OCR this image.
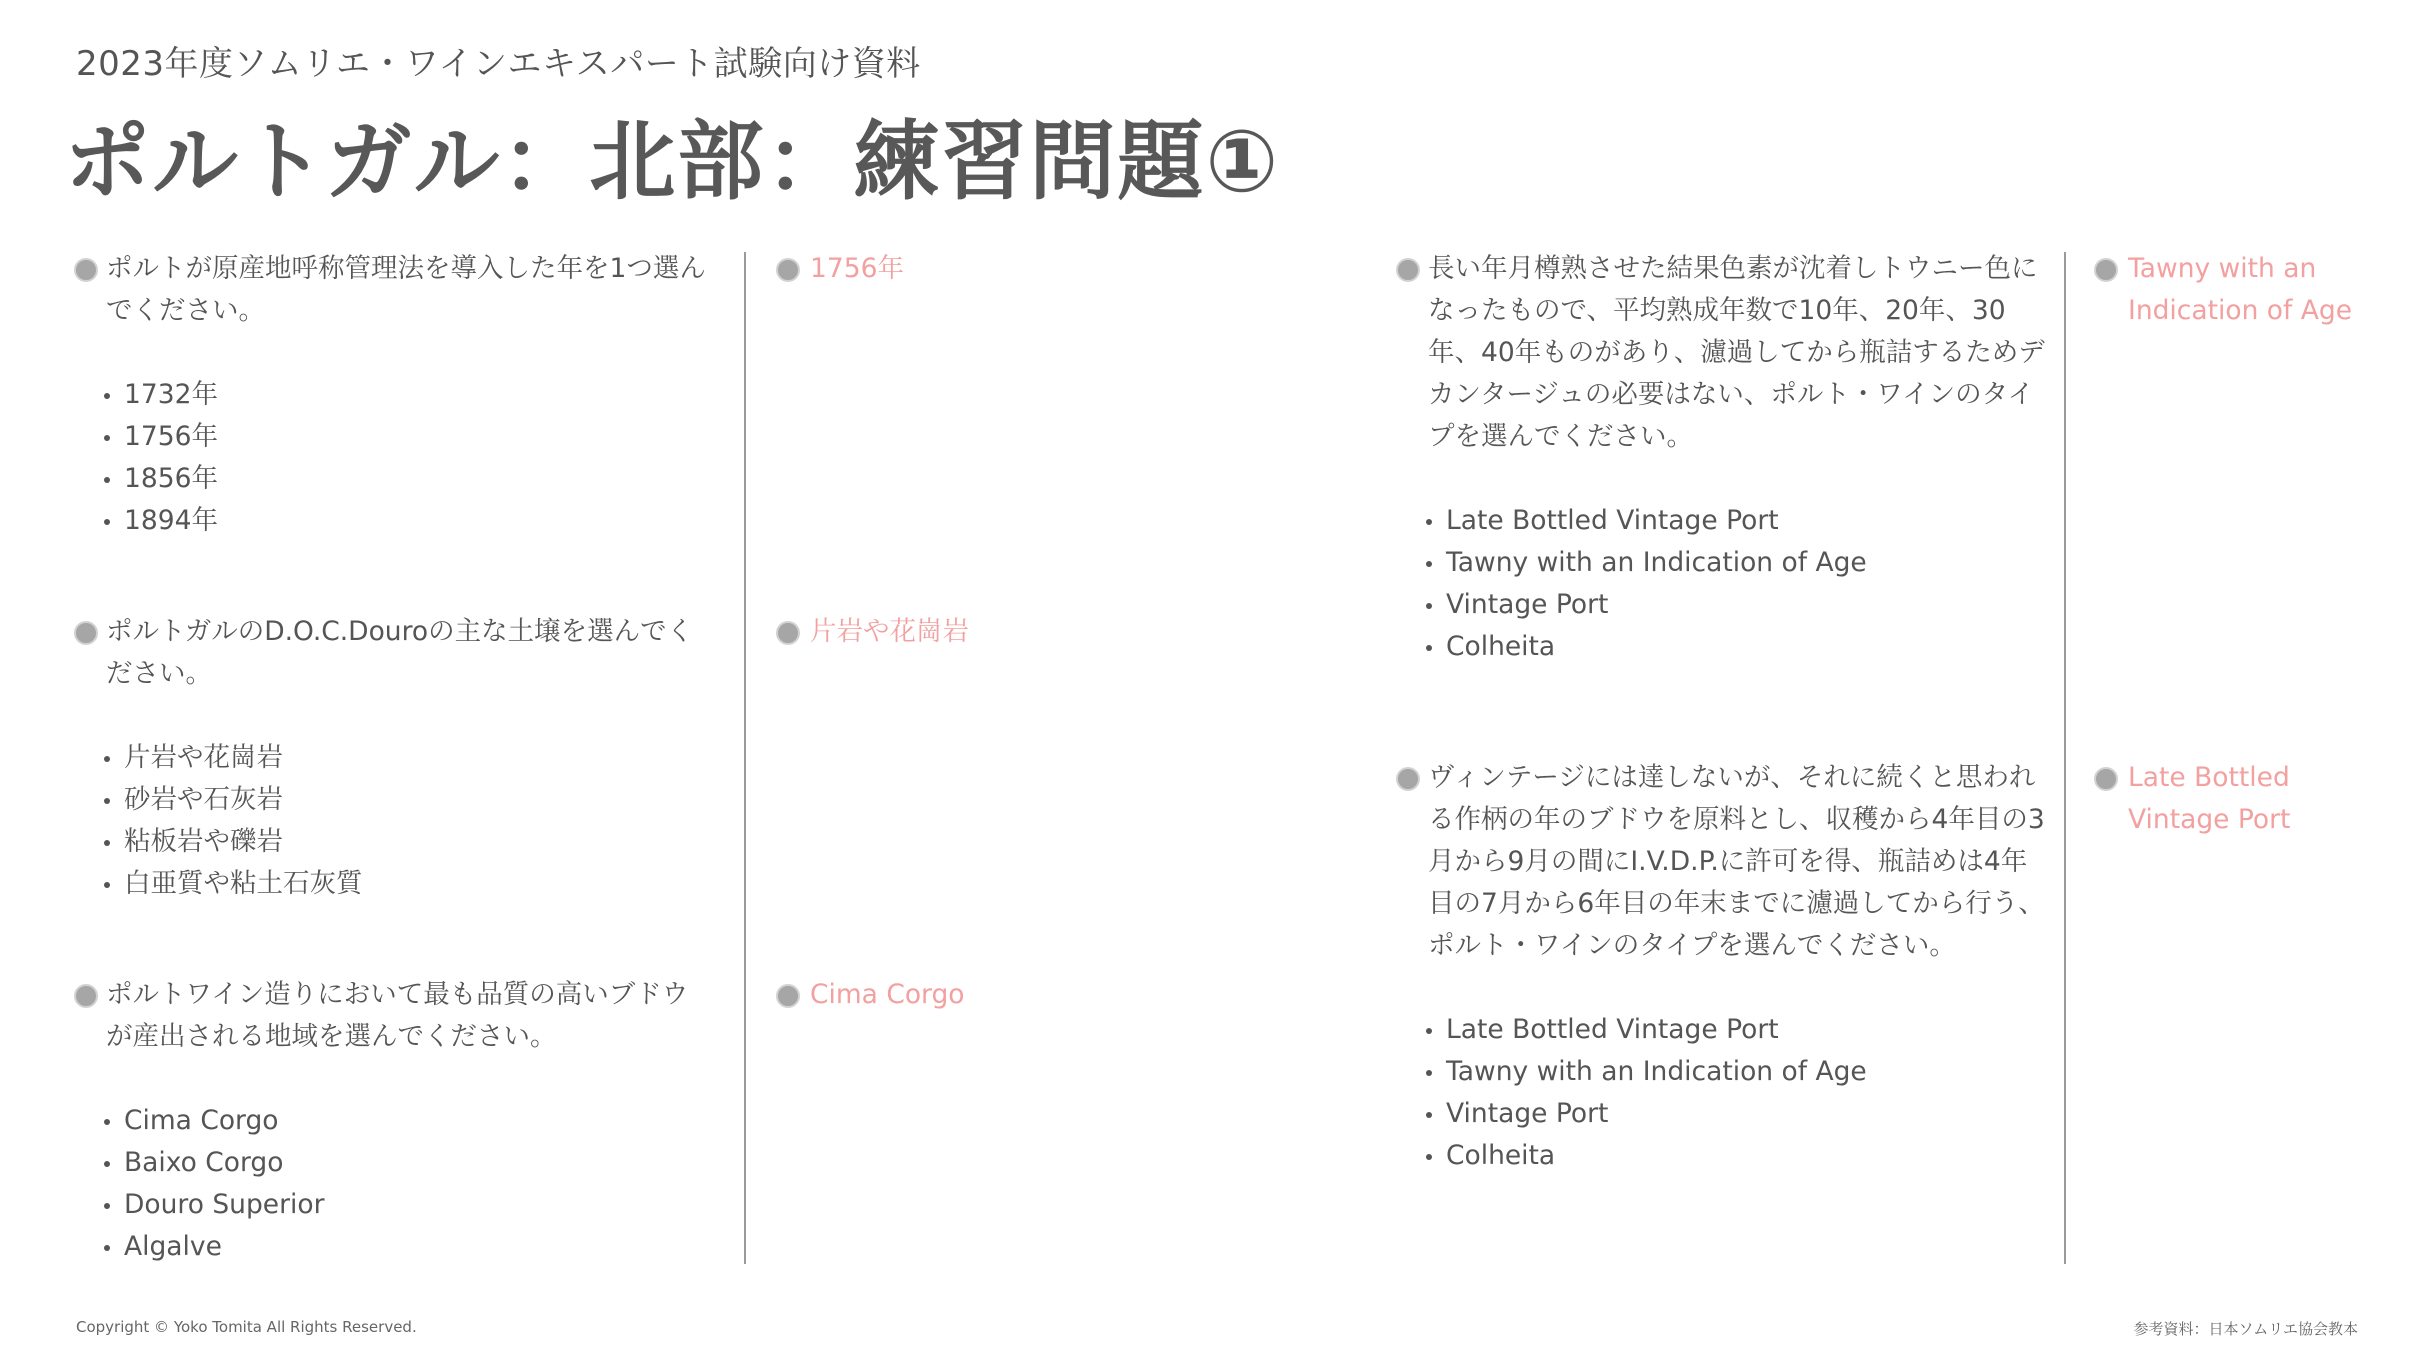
2023年度ソムリエ・ワインエキスパート試験向け資料
ポルトガル：北部：練習問題①
ポルトが原産地呼称管理法を導入した年を1つ選んでください。
1732年
1756年
1856年
1894年
ポルトガルのD.O.C.Douroの主な土壌を選んでください。
片岩や花崗岩
砂岩や石灰岩
粘板岩や礫岩
白亜質や粘土石灰質
ポルトワイン造りにおいて最も品質の高いブドウが産出される地域を選んでください。
Cima Corgo
Baixo Corgo
Douro Superior
Algalve
1756年
片岩や花崗岩
Cima Corgo
長い年月樽熟させた結果色素が沈着しトウニー色になったもので、平均熟成年数で10年、20年、30年、40年ものがあり、濾過してから瓶詰するためデカンタージュの必要はない、ポルト・ワインのタイプを選んでください。
Late Bottled Vintage Port
Tawny with an Indication of Age
Vintage Port
Colheita
ヴィンテージには達しないが、それに続くと思われる作柄の年のブドウを原料とし、収穫から4年目の3月から9月の間にI.V.D.P.に許可を得、瓶詰めは4年目の7月から6年目の年末までに濾過してから行う、ポルト・ワインのタイプを選んでください。
Late Bottled Vintage Port
Tawny with an Indication of Age
Vintage Port
Colheita
Tawny with an Indication of Age
Late Bottled Vintage Port
Copyright © Yoko Tomita All Rights Reserved.	参考資料：日本ソムリエ協会教本
